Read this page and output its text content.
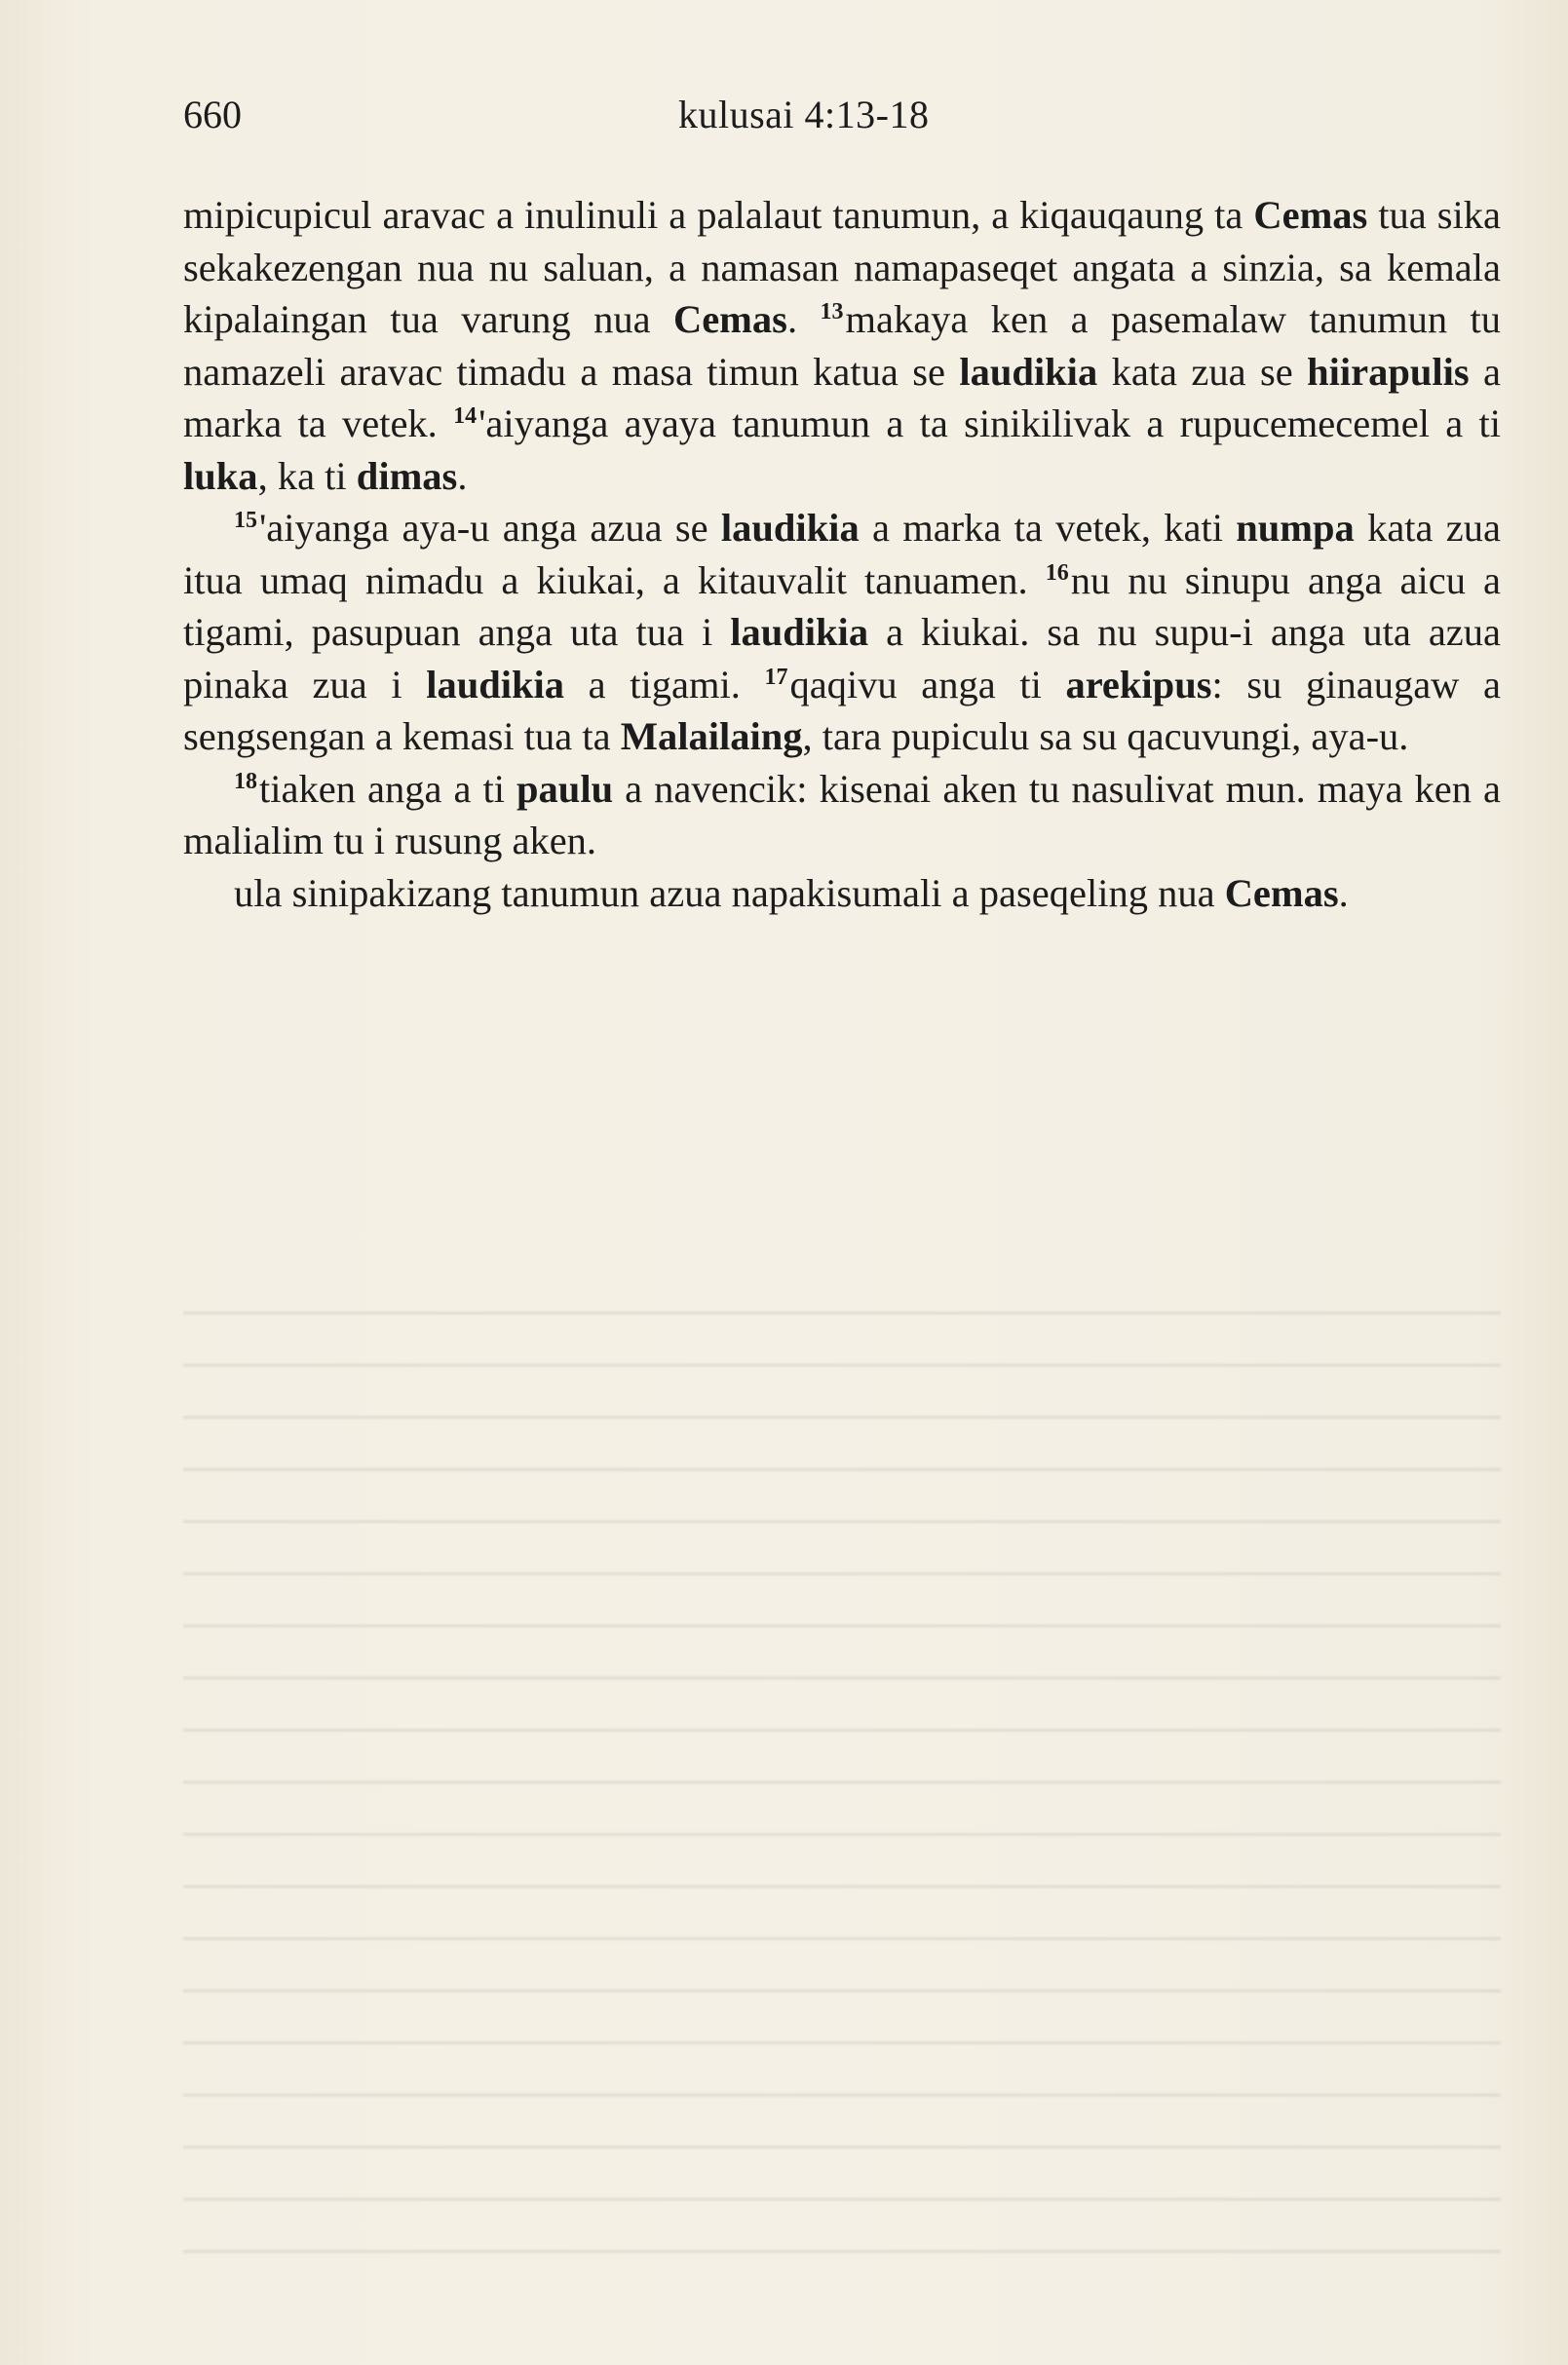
660	kulusai 4:13-18

mipicupicul aravac a inulinuli a palalaut tanumun, a kiqauqaung ta Cemas tua sika sekakezengan nua nu saluan, a namasan namapaseqet angata a sinzia, sa kemala kipalaingan tua varung nua Cemas. $^{13}$makaya ken a pasemalaw tanumun tu namazeli aravac timadu a masa timun katua se laudikia kata zua se hiirapulis a marka ta vetek. $^{14}$'aiyanga ayaya tanumun a ta sinikilivak a rupucemecemel a ti luka, ka ti dimas.

$^{15}$'aiyanga aya-u anga azua se laudikia a marka ta vetek, kati numpa kata zua itua umaq nimadu a kiukai, a kitauvalit tanuamen. $^{16}$nu nu sinupu anga aicu a tigami, pasupuan anga uta tua i laudikia a kiukai. sa nu supu-i anga uta azua pinaka zua i laudikia a tigami. $^{17}$qaqivu anga ti arekipus: su ginaugaw a sengsengan a kemasi tua ta Malailaing, tara pupiculu sa su qacuvungi, aya-u.

$^{18}$tiaken anga a ti paulu a navencik: kisenai aken tu nasulivat mun. maya ken a malialim tu i rusung aken.

ula sinipakizang tanumun azua napakisumali a paseqeling nua Cemas.
